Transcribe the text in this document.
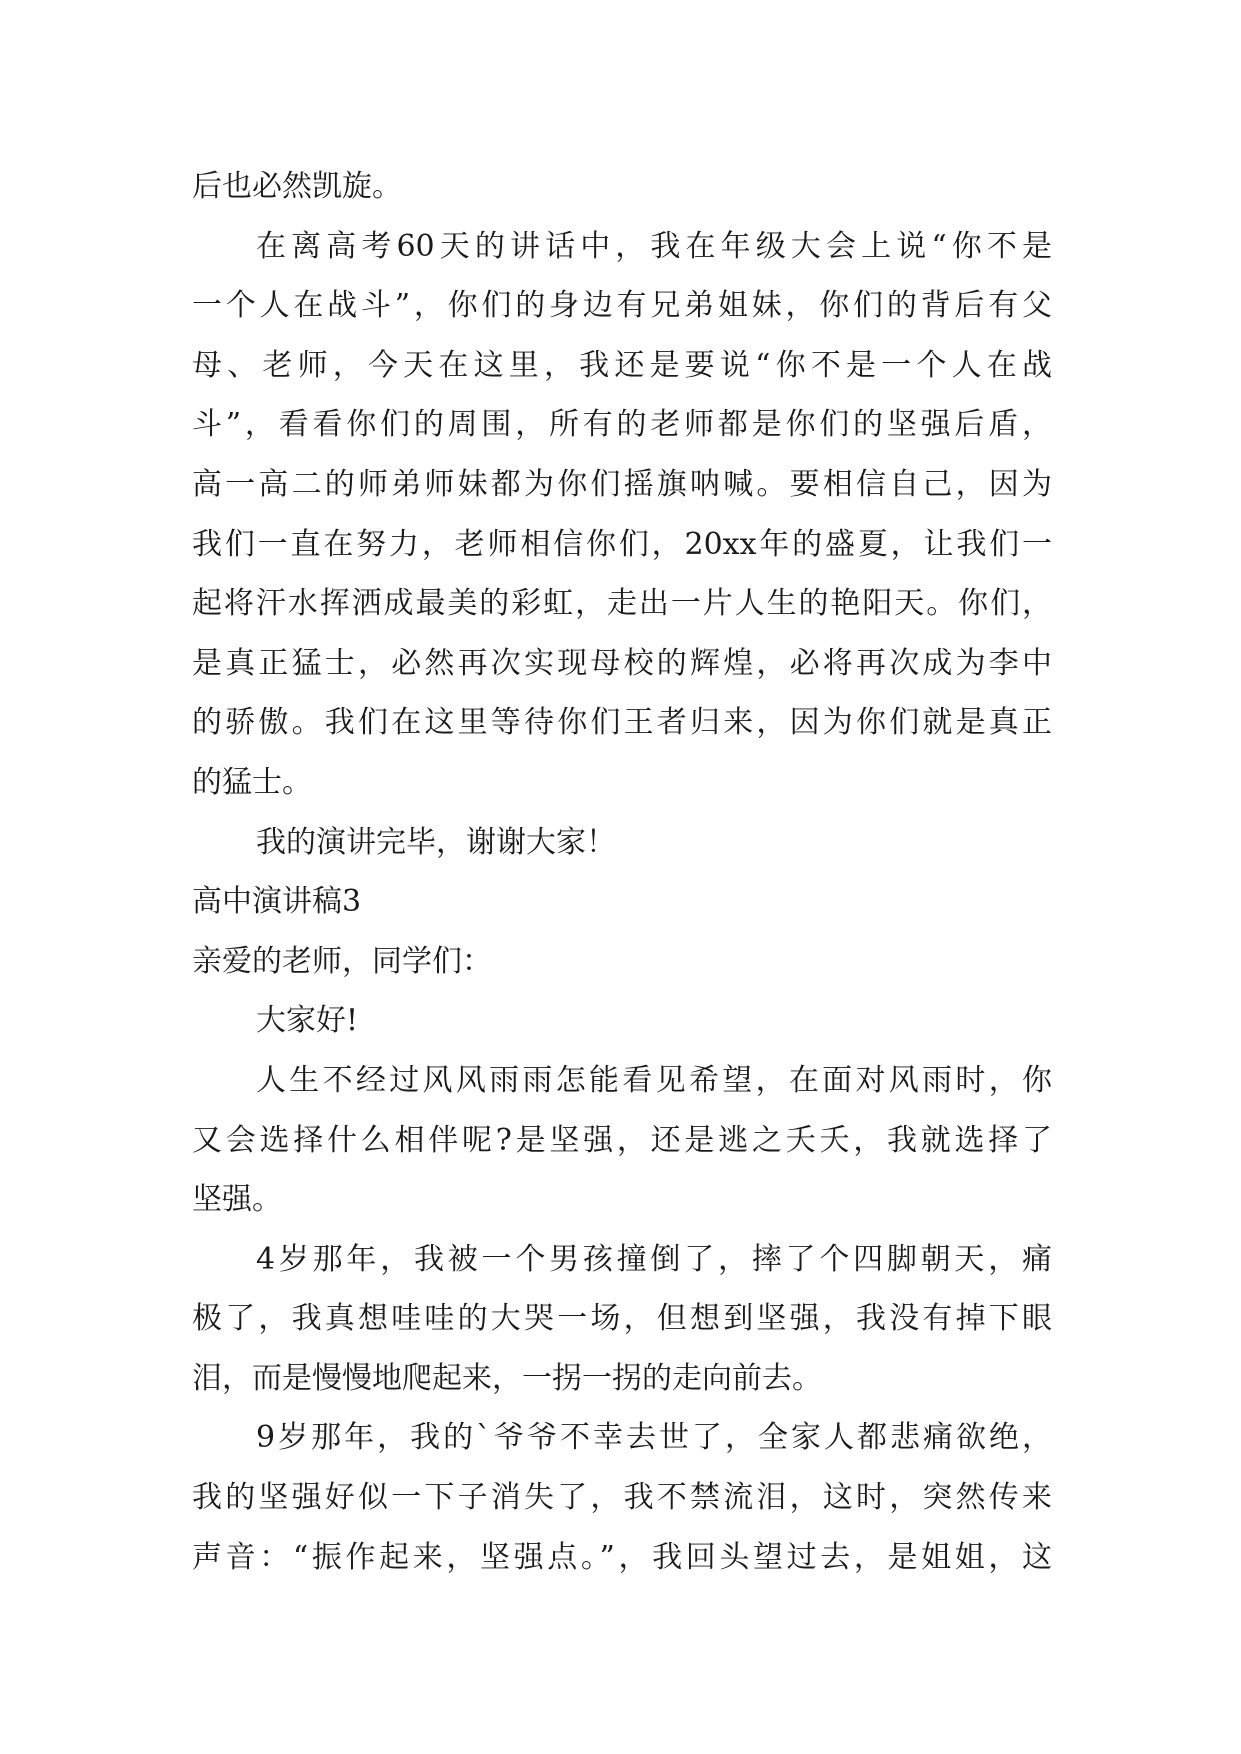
后也必然凯旋。
在离高考60天的讲话中，我在年级大会上说“你不是
一个人在战斗”，你们的身边有兄弟姐妹，你们的背后有父
母、老师，今天在这里，我还是要说“你不是一个人在战
斗”，看看你们的周围，所有的老师都是你们的坚强后盾，
高一高二的师弟师妹都为你们摇旗呐喊。要相信自己，因为
我们一直在努力，老师相信你们，20xx年的盛夏，让我们一
起将汗水挥洒成最美的彩虹，走出一片人生的艳阳天。你们，
是真正猛士，必然再次实现母校的辉煌，必将再次成为李中
的骄傲。我们在这里等待你们王者归来，因为你们就是真正
的猛士。
我的演讲完毕，谢谢大家！
高中演讲稿3
亲爱的老师，同学们：
大家好!
人生不经过风风雨雨怎能看见希望，在面对风雨时，你
又会选择什么相伴呢?是坚强，还是逃之夭夭，我就选择了
坚强。
4岁那年，我被一个男孩撞倒了，摔了个四脚朝天，痛
极了，我真想哇哇的大哭一场，但想到坚强，我没有掉下眼
泪，而是慢慢地爬起来，一拐一拐的走向前去。
9岁那年，我的`爷爷不幸去世了，全家人都悲痛欲绝，
我的坚强好似一下子消失了，我不禁流泪，这时，突然传来
声音：“振作起来，坚强点。”，我回头望过去，是姐姐，这
